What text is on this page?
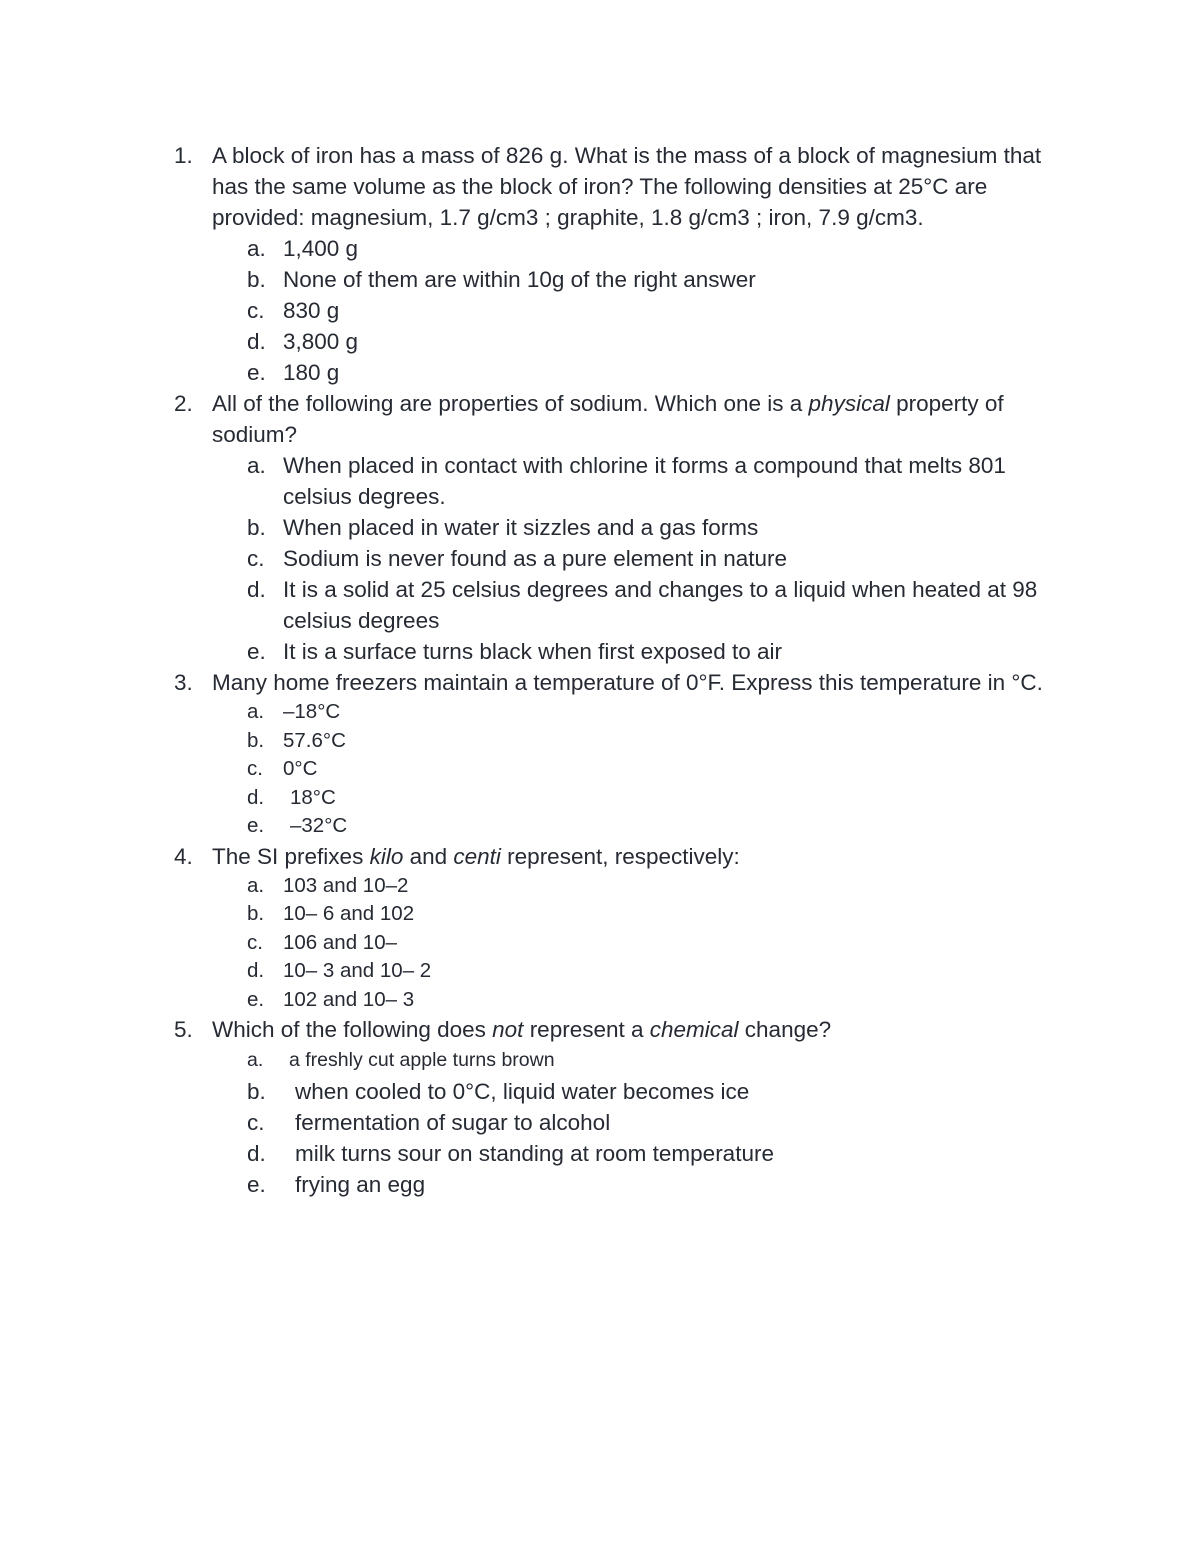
1. A block of iron has a mass of 826 g. What is the mass of a block of magnesium that has the same volume as the block of iron? The following densities at 25°C are provided: magnesium, 1.7 g/cm3 ; graphite, 1.8 g/cm3 ; iron, 7.9 g/cm3.
a. 1,400 g
b. None of them are within 10g of the right answer
c. 830 g
d. 3,800 g
e. 180 g
2. All of the following are properties of sodium. Which one is a physical property of sodium?
a. When placed in contact with chlorine it forms a compound that melts 801 celsius degrees.
b. When placed in water it sizzles and a gas forms
c. Sodium is never found as a pure element in nature
d. It is a solid at 25 celsius degrees and changes to a liquid when heated at 98 celsius degrees
e. It is a surface turns black when first exposed to air
3. Many home freezers maintain a temperature of 0°F. Express this temperature in °C.
a. –18°C
b. 57.6°C
c. 0°C
d. 18°C
e. –32°C
4. The SI prefixes kilo and centi represent, respectively:
a. 103 and 10–2
b. 10– 6 and 102
c. 106 and 10–
d. 10– 3 and 10– 2
e. 102 and 10– 3
5. Which of the following does not represent a chemical change?
a. a freshly cut apple turns brown
b. when cooled to 0°C, liquid water becomes ice
c. fermentation of sugar to alcohol
d. milk turns sour on standing at room temperature
e. frying an egg
